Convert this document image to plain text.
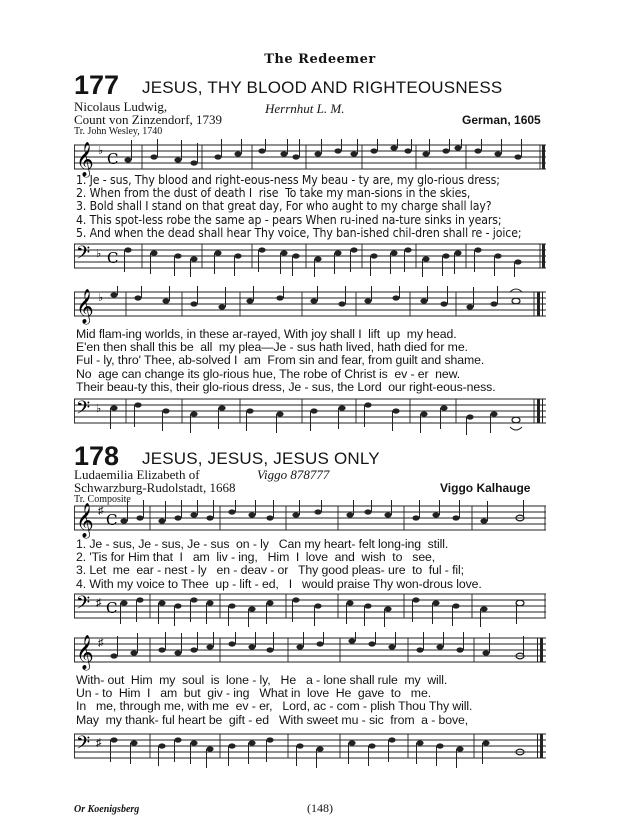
The Redeemer
177 JESUS, THY BLOOD AND RIGHTEOUSNESS
Nicolaus Ludwig,
Count von Zinzendorf, 1739
Tr. John Wesley, 1740
Herrnhut L. M.
German, 1605
𝄞 ♭ C
1. Je - sus, Thy blood and right-eous-ness My beau - ty are, my glo-rious dress;
2. When from the dust of death I  rise  To take my man-sions in the skies,
3. Bold shall I stand on that great day, For who aught to my charge shall lay?
4. This spot-less robe the same ap - pears When ru-ined na-ture sinks in years;
5. And when the dead shall hear Thy voice, Thy ban-ished chil-dren shall re - joice;
𝄢 ♭ C
𝄞 ♭
Mid flam-ing worlds, in these ar-rayed, With joy shall I  lift  up  my head.
E'en then shall this be  all  my plea—Je - sus hath lived, hath died for me.
Ful - ly, thro' Thee, ab-solved I  am  From sin and fear, from guilt and shame.
No  age can change its glo-rious hue, The robe of Christ is  ev - er  new.
Their beau-ty this, their glo-rious dress, Je - sus, the Lord  our right-eous-ness.
𝄢 ♭
178 JESUS, JESUS, JESUS ONLY
Ludaemilia Elizabeth of
Schwarzburg-Rudolstadt, 1668
Tr. Composite
Viggo 878777
Viggo Kalhauge
𝄞 ♯ C
1. Je - sus, Je - sus, Je - sus  on - ly   Can my heart- felt long-ing  still.
2. 'Tis for Him that  I   am  liv - ing,   Him  I  love  and  wish  to   see,
3. Let  me  ear - nest - ly   en - deav - or   Thy good pleas- ure  to  ful - fil;
4. With my voice to Thee  up - lift - ed,   I   would praise Thy won-drous love.
𝄢 ♯ C
𝄞 ♯
With- out  Him  my  soul  is  lone - ly,   He   a - lone shall rule  my  will.
Un - to  Him  I   am  but  giv - ing   What in  love  He  gave  to   me.
In   me, through me, with me  ev - er,   Lord, ac - com - plish Thou Thy will.
May  my thank- ful heart be  gift - ed   With sweet mu - sic  from  a - bove,
𝄢 ♯
Or Koenigsberg	(148)
